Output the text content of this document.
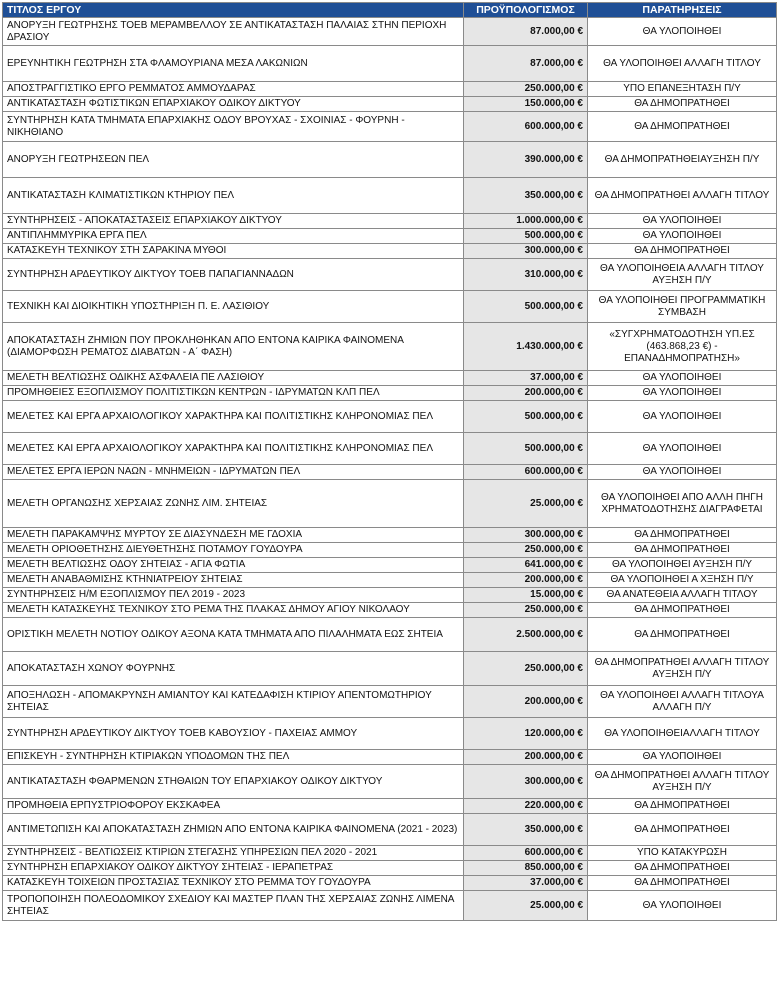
ΤΙΤΛΟΣ ΕΡΓΟΥ	ΠΡΟΫΠΟΛΟΓΙΣΜΟΣ	ΠΑΡΑΤΗΡΗΣΕΙΣ
ΑΝΟΡΥΞΗ ΓΕΩΤΡΗΣΗΣ ΤΟΕΒ ΜΕΡΑΜΒΕΛΛΟΥ ΣΕ ΑΝΤΙΚΑΤΑΣΤΑΣΗ ΠΑΛΑΙΑΣ ΣΤΗΝ ΠΕΡΙΟΧΗ ΔΡΑΣΙΟΥ	87.000,00 €	ΘΑ ΥΛΟΠΟΙΗΘΕΙ
ΕΡΕΥΝΗΤΙΚΗ ΓΕΩΤΡΗΣΗ ΣΤΑ ΦΛΑΜΟΥΡΙΑΝΑ ΜΕΣΑ ΛΑΚΩΝΙΩΝ	87.000,00 €	ΘΑ ΥΛΟΠΟΙΗΘΕΙ ΑΛΛΑΓΗ ΤΙΤΛΟΥ
ΑΠΟΣΤΡΑΓΓΙΣΤΙΚΟ ΕΡΓΟ ΡΕΜΜΑΤΟΣ ΑΜΜΟΥΔΑΡΑΣ	250.000,00 €	ΥΠΟ ΕΠΑΝΕΞΗΤΑΣΗ Π/Υ
ΑΝΤΙΚΑΤΑΣΤΑΣΗ ΦΩΤΙΣΤΙΚΩΝ ΕΠΑΡΧΙΑΚΟΥ ΟΔΙΚΟΥ ΔΙΚΤΥΟΥ	150.000,00 €	ΘΑ ΔΗΜΟΠΡΑΤΗΘΕΙ
ΣΥΝΤΗΡΗΣΗ ΚΑΤΑ ΤΜΗΜΑΤΑ ΕΠΑΡΧΙΑΚΗΣ ΟΔΟΥ ΒΡΟΥΧΑΣ - ΣΧΟΙΝΙΑΣ - ΦΟΥΡΝΗ - ΝΙΚΗΘΙΑΝΟ	600.000,00 €	ΘΑ ΔΗΜΟΠΡΑΤΗΘΕΙ
ΑΝΟΡΥΞΗ ΓΕΩΤΡΗΣΕΩΝ ΠΕΛ	390.000,00 €	ΘΑ ΔΗΜΟΠΡΑΤΗΘΕΙΑΥΞΗΣΗ Π/Υ
ΑΝΤΙΚΑΤΑΣΤΑΣΗ ΚΛΙΜΑΤΙΣΤΙΚΩΝ ΚΤΗΡΙΟΥ ΠΕΛ	350.000,00 €	ΘΑ ΔΗΜΟΠΡΑΤΗΘΕΙ ΑΛΛΑΓΗ ΤΙΤΛΟΥ
ΣΥΝΤΗΡΗΣΕΙΣ - ΑΠΟΚΑΤΑΣΤΑΣΕΙΣ ΕΠΑΡΧΙΑΚΟΥ ΔΙΚΤΥΟΥ	1.000.000,00 €	ΘΑ ΥΛΟΠΟΙΗΘΕΙ
ΑΝΤΙΠΛΗΜΜΥΡΙΚΑ ΕΡΓΑ ΠΕΛ	500.000,00 €	ΘΑ ΥΛΟΠΟΙΗΘΕΙ
ΚΑΤΑΣΚΕΥΗ ΤΕΧΝΙΚΟΥ ΣΤΗ ΣΑΡΑΚΙΝΑ ΜΥΘΟΙ	300.000,00 €	ΘΑ ΔΗΜΟΠΡΑΤΗΘΕΙ
ΣΥΝΤΗΡΗΣΗ ΑΡΔΕΥΤΙΚΟΥ ΔΙΚΤΥΟΥ ΤΟΕΒ ΠΑΠΑΓΙΑΝΝΑΔΩΝ	310.000,00 €	ΘΑ ΥΛΟΠΟΙΗΘΕΙΑ ΑΛΛΑΓΗ ΤΙΤΛΟΥ ΑΥΞΗΣΗ Π/Υ
ΤΕΧΝΙΚΗ ΚΑΙ ΔΙΟΙΚΗΤΙΚΗ ΥΠΟΣΤΗΡΙΞΗ Π. Ε. ΛΑΣΙΘΙΟΥ	500.000,00 €	ΘΑ ΥΛΟΠΟΙΗΘΕΙ ΠΡΟΓΡΑΜΜΑΤΙΚΗ ΣΥΜΒΑΣΗ
ΑΠΟΚΑΤΑΣΤΑΣΗ ΖΗΜΙΩΝ ΠΟΥ ΠΡΟΚΛΗΘΗΚΑΝ ΑΠΟ ΕΝΤΟΝΑ ΚΑΙΡΙΚΑ ΦΑΙΝΟΜΕΝΑ (ΔΙΑΜΟΡΦΩΣΗ ΡΕΜΑΤΟΣ ΔΙΑΒΑΤΩΝ - Α΄ ΦΑΣΗ)	1.430.000,00 €	«ΣΥΓΧΡΗΜΑΤΟΔΟΤΗΣΗ ΥΠ.ΕΣ (463.868,23 €) - ΕΠΑΝΑΔΗΜΟΠΡΑΤΗΣΗ»
ΜΕΛΕΤΗ ΒΕΛΤΙΩΣΗΣ ΟΔΙΚΗΣ ΑΣΦΑΛΕΙΑ ΠΕ ΛΑΣΙΘΙΟΥ	37.000,00 €	ΘΑ ΥΛΟΠΟΙΗΘΕΙ
ΠΡΟΜΗΘΕΙΕΣ ΕΞΟΠΛΙΣΜΟΥ ΠΟΛΙΤΙΣΤΙΚΩΝ ΚΕΝΤΡΩΝ - ΙΔΡΥΜΑΤΩΝ ΚΛΠ ΠΕΛ	200.000,00 €	ΘΑ ΥΛΟΠΟΙΗΘΕΙ
ΜΕΛΕΤΕΣ ΚΑΙ ΕΡΓΑ ΑΡΧΑΙΟΛΟΓΙΚΟΥ ΧΑΡΑΚΤΗΡΑ ΚΑΙ ΠΟΛΙΤΙΣΤΙΚΗΣ ΚΛΗΡΟΝΟΜΙΑΣ ΠΕΛ	500.000,00 €	ΘΑ ΥΛΟΠΟΙΗΘΕΙ
ΜΕΛΕΤΕΣ ΚΑΙ ΕΡΓΑ ΑΡΧΑΙΟΛΟΓΙΚΟΥ ΧΑΡΑΚΤΗΡΑ ΚΑΙ ΠΟΛΙΤΙΣΤΙΚΗΣ ΚΛΗΡΟΝΟΜΙΑΣ ΠΕΛ	500.000,00 €	ΘΑ ΥΛΟΠΟΙΗΘΕΙ
ΜΕΛΕΤΕΣ ΕΡΓΑ ΙΕΡΩΝ ΝΑΩΝ - ΜΝΗΜΕΙΩΝ - ΙΔΡΥΜΑΤΩΝ ΠΕΛ	600.000,00 €	ΘΑ ΥΛΟΠΟΙΗΘΕΙ
ΜΕΛΕΤΗ ΟΡΓΑΝΩΣΗΣ ΧΕΡΣΑΙΑΣ ΖΩΝΗΣ ΛΙΜ. ΣΗΤΕΙΑΣ	25.000,00 €	ΘΑ ΥΛΟΠΟΙΗΘΕΙ ΑΠΟ ΑΛΛΗ ΠΗΓΗ ΧΡΗΜΑΤΟΔΟΤΗΣΗΣ ΔΙΑΓΡΑΦΕΤΑΙ
ΜΕΛΕΤΗ ΠΑΡΑΚΑΜΨΗΣ ΜΥΡΤΟΥ ΣΕ ΔΙΑΣΥΝΔΕΣΗ ΜΕ ΓΔΟΧΙΑ	300.000,00 €	ΘΑ ΔΗΜΟΠΡΑΤΗΘΕΙ
ΜΕΛΕΤΗ ΟΡΙΟΘΕΤΗΣΗΣ ΔΙΕΥΘΕΤΗΣΗΣ ΠΟΤΑΜΟΥ ΓΟΥΔΟΥΡΑ	250.000,00 €	ΘΑ ΔΗΜΟΠΡΑΤΗΘΕΙ
ΜΕΛΕΤΗ ΒΕΛΤΙΩΣΗΣ ΟΔΟΥ ΣΗΤΕΙΑΣ - ΑΓΙΑ ΦΩΤΙΑ	641.000,00 €	ΘΑ ΥΛΟΠΟΙΗΘΕΙ ΑΥΞΗΣΗ Π/Υ
ΜΕΛΕΤΗ ΑΝΑΒΑΘΜΙΣΗΣ ΚΤΗΝΙΑΤΡΕΙΟΥ ΣΗΤΕΙΑΣ	200.000,00 €	ΘΑ ΥΛΟΠΟΙΗΘΕΙ Α ΧΞΗΣΗ Π/Υ
ΣΥΝΤΗΡΗΣΕΙΣ Η/Μ ΕΞΟΠΛΙΣΜΟΥ ΠΕΛ 2019 - 2023	15.000,00 €	ΘΑ ΑΝΑΤΕΘΕΙΑ ΑΛΛΑΓΗ ΤΙΤΛΟΥ
ΜΕΛΕΤΗ ΚΑΤΑΣΚΕΥΗΣ ΤΕΧΝΙΚΟΥ ΣΤΟ ΡΕΜΑ ΤΗΣ ΠΛΑΚΑΣ ΔΗΜΟΥ ΑΓΙΟΥ ΝΙΚΟΛΑΟΥ	250.000,00 €	ΘΑ ΔΗΜΟΠΡΑΤΗΘΕΙ
ΟΡΙΣΤΙΚΗ ΜΕΛΕΤΗ ΝΟΤΙΟΥ ΟΔΙΚΟΥ ΑΞΟΝΑ ΚΑΤΑ ΤΜΗΜΑΤΑ ΑΠΟ ΠΙΛΑΛΗΜΑΤΑ ΕΩΣ ΣΗΤΕΙΑ	2.500.000,00 €	ΘΑ ΔΗΜΟΠΡΑΤΗΘΕΙ
ΑΠΟΚΑΤΑΣΤΑΣΗ ΧΩΝΟΥ ΦΟΥΡΝΗΣ	250.000,00 €	ΘΑ ΔΗΜΟΠΡΑΤΗΘΕΙ ΑΛΛΑΓΗ ΤΙΤΛΟΥ ΑΥΞΗΣΗ Π/Υ
ΑΠΟΞΗΛΩΣΗ - ΑΠΟΜΑΚΡΥΝΣΗ ΑΜΙΑΝΤΟΥ ΚΑΙ ΚΑΤΕΔΑΦΙΣΗ ΚΤΙΡΙΟΥ ΑΠΕΝΤΟΜΩΤΗΡΙΟΥ ΣΗΤΕΙΑΣ	200.000,00 €	ΘΑ ΥΛΟΠΟΙΗΘΕΙ ΑΛΛΑΓΗ ΤΙΤΛΟΥΑ ΑΛΛΑΓΗ Π/Υ
ΣΥΝΤΗΡΗΣΗ ΑΡΔΕΥΤΙΚΟΥ ΔΙΚΤΥΟΥ ΤΟΕΒ ΚΑΒΟΥΣΙΟΥ - ΠΑΧΕΙΑΣ ΑΜΜΟΥ	120.000,00 €	ΘΑ ΥΛΟΠΟΙΗΘΕΙΑΛΛΑΓΗ ΤΙΤΛΟΥ
ΕΠΙΣΚΕΥΗ - ΣΥΝΤΗΡΗΣΗ ΚΤΙΡΙΑΚΩΝ ΥΠΟΔΟΜΩΝ ΤΗΣ ΠΕΛ	200.000,00 €	ΘΑ ΥΛΟΠΟΙΗΘΕΙ
ΑΝΤΙΚΑΤΑΣΤΑΣΗ ΦΘΑΡΜΕΝΩΝ ΣΤΗΘΑΙΩΝ ΤΟΥ ΕΠΑΡΧΙΑΚΟΥ ΟΔΙΚΟΥ ΔΙΚΤΥΟΥ	300.000,00 €	ΘΑ ΔΗΜΟΠΡΑΤΗΘΕΙ ΑΛΛΑΓΗ ΤΙΤΛΟΥ ΑΥΞΗΣΗ Π/Υ
ΠΡΟΜΗΘΕΙΑ ΕΡΠΥΣΤΡΙΟΦΟΡΟΥ ΕΚΣΚΑΦΕΑ	220.000,00 €	ΘΑ ΔΗΜΟΠΡΑΤΗΘΕΙ
ΑΝΤΙΜΕΤΩΠΙΣΗ ΚΑΙ ΑΠΟΚΑΤΑΣΤΑΣΗ ΖΗΜΙΩΝ ΑΠΟ ΕΝΤΟΝΑ ΚΑΙΡΙΚΑ ΦΑΙΝΟΜΕΝΑ (2021 - 2023)	350.000,00 €	ΘΑ ΔΗΜΟΠΡΑΤΗΘΕΙ
ΣΥΝΤΗΡΗΣΕΙΣ - ΒΕΛΤΙΩΣΕΙΣ ΚΤΙΡΙΩΝ ΣΤΕΓΑΣΗΣ ΥΠΗΡΕΣΙΩΝ ΠΕΛ 2020 - 2021	600.000,00 €	ΥΠΟ ΚΑΤΑΚΥΡΩΣΗ
ΣΥΝΤΗΡΗΣΗ ΕΠΑΡΧΙΑΚΟΥ ΟΔΙΚΟΥ ΔΙΚΤΥΟΥ ΣΗΤΕΙΑΣ - ΙΕΡΑΠΕΤΡΑΣ	850.000,00 €	ΘΑ ΔΗΜΟΠΡΑΤΗΘΕΙ
ΚΑΤΑΣΚΕΥΗ ΤΟΙΧΕΙΩΝ ΠΡΟΣΤΑΣΙΑΣ ΤΕΧΝΙΚΟΥ ΣΤΟ ΡΕΜΜΑ ΤΟΥ ΓΟΥΔΟΥΡΑ	37.000,00 €	ΘΑ ΔΗΜΟΠΡΑΤΗΘΕΙ
ΤΡΟΠΟΠΟΙΗΣΗ ΠΟΛΕΟΔΟΜΙΚΟΥ ΣΧΕΔΙΟΥ ΚΑΙ ΜΑΣΤΕΡ ΠΛΑΝ ΤΗΣ ΧΕΡΣΑΙΑΣ ΖΩΝΗΣ ΛΙΜΕΝΑ ΣΗΤΕΙΑΣ	25.000,00 €	ΘΑ ΥΛΟΠΟΙΗΘΕΙ
